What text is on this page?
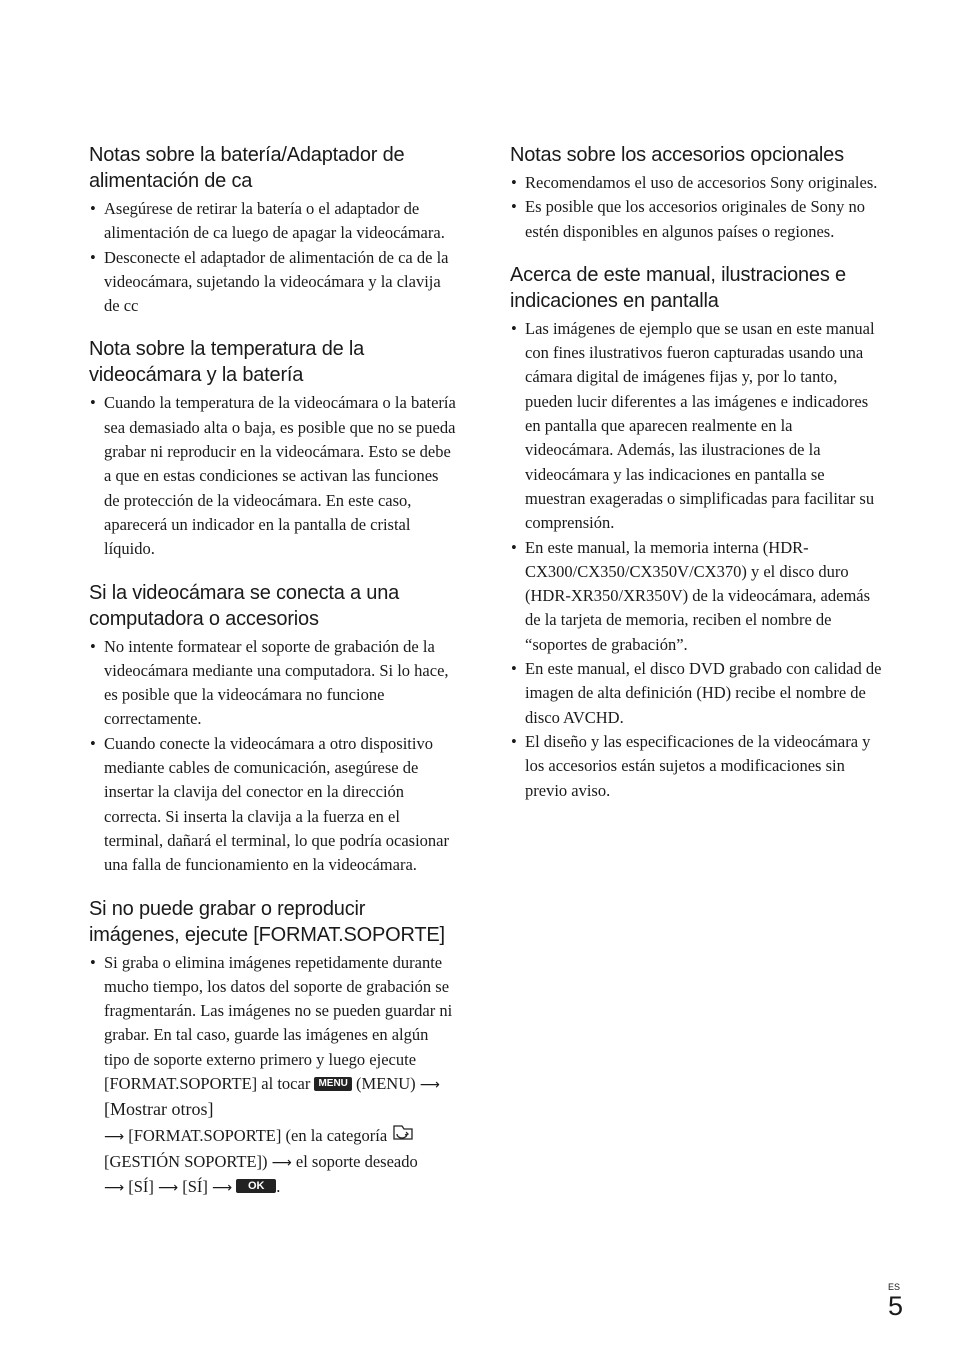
Notas sobre la batería/Adaptador de alimentación de ca
• Asegúrese de retirar la batería o el adaptador de alimentación de ca luego de apagar la videocámara.
• Desconecte el adaptador de alimentación de ca de la videocámara, sujetando la videocámara y la clavija de cc
Nota sobre la temperatura de la videocámara y la batería
• Cuando la temperatura de la videocámara o la batería sea demasiado alta o baja, es posible que no se pueda grabar ni reproducir en la videocámara. Esto se debe a que en estas condiciones se activan las funciones de protección de la videocámara. En este caso, aparecerá un indicador en la pantalla de cristal líquido.
Si la videocámara se conecta a una computadora o accesorios
• No intente formatear el soporte de grabación de la videocámara mediante una computadora. Si lo hace, es posible que la videocámara no funcione correctamente.
• Cuando conecte la videocámara a otro dispositivo mediante cables de comunicación, asegúrese de insertar la clavija del conector en la dirección correcta. Si inserta la clavija a la fuerza en el terminal, dañará el terminal, lo que podría ocasionar una falla de funcionamiento en la videocámara.
Si no puede grabar o reproducir imágenes, ejecute [FORMAT.SOPORTE]
• Si graba o elimina imágenes repetidamente durante mucho tiempo, los datos del soporte de grabación se fragmentarán. Las imágenes no se pueden guardar ni grabar. En tal caso, guarde las imágenes en algún tipo de soporte externo primero y luego ejecute [FORMAT.SOPORTE] al tocar MENU (MENU) ⟶ [Mostrar otros]
⟶ [FORMAT.SOPORTE] (en la categoría
[GESTIÓN SOPORTE]) ⟶ el soporte deseado
⟶ [SÍ] ⟶ [SÍ] ⟶ OK .
Notas sobre los accesorios opcionales
• Recomendamos el uso de accesorios Sony originales.
• Es posible que los accesorios originales de Sony no estén disponibles en algunos países o regiones.
Acerca de este manual, ilustraciones e indicaciones en pantalla
• Las imágenes de ejemplo que se usan en este manual con fines ilustrativos fueron capturadas usando una cámara digital de imágenes fijas y, por lo tanto, pueden lucir diferentes a las imágenes e indicadores en pantalla que aparecen realmente en la videocámara. Además, las ilustraciones de la videocámara y las indicaciones en pantalla se muestran exageradas o simplificadas para facilitar su comprensión.
• En este manual, la memoria interna (HDR-CX300/CX350/CX350V/CX370) y el disco duro (HDR-XR350/XR350V) de la videocámara, además de la tarjeta de memoria, reciben el nombre de “soportes de grabación”.
• En este manual, el disco DVD grabado con calidad de imagen de alta definición (HD) recibe el nombre de disco AVCHD.
• El diseño y las especificaciones de la videocámara y los accesorios están sujetos a modificaciones sin previo aviso.
ES
5
